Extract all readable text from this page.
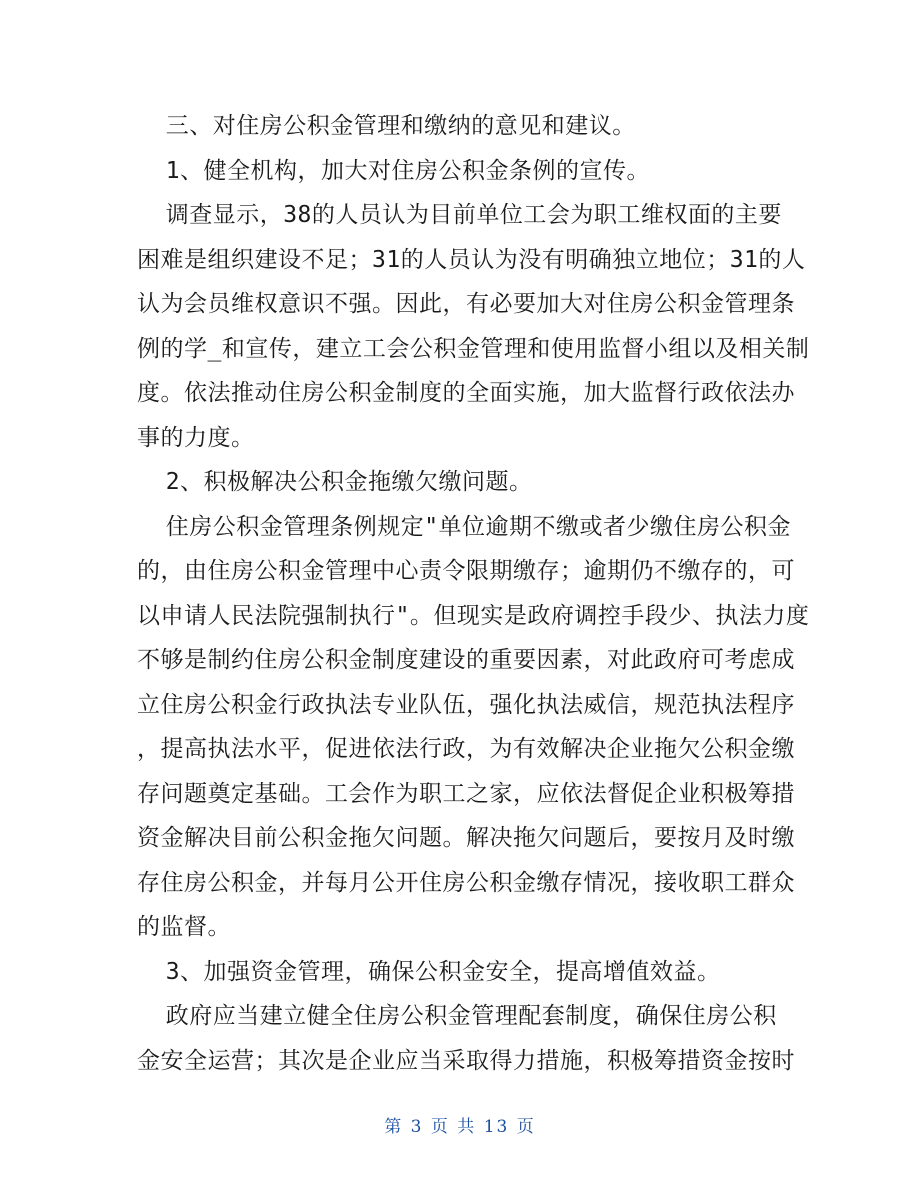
三、对住房公积金管理和缴纳的意见和建议。

1、健全机构，加大对住房公积金条例的宣传。

调查显示，38的人员认为目前单位工会为职工维权面的主要

困难是组织建设不足；31的人员认为没有明确独立地位；31的人

认为会员维权意识不强。因此，有必要加大对住房公积金管理条

例的学_和宣传，建立工会公积金管理和使用监督小组以及相关制

度。依法推动住房公积金制度的全面实施，加大监督行政依法办

事的力度。

2、积极解决公积金拖缴欠缴问题。

住房公积金管理条例规定"单位逾期不缴或者少缴住房公积金

的，由住房公积金管理中心责令限期缴存；逾期仍不缴存的，可

以申请人民法院强制执行"。但现实是政府调控手段少、执法力度

不够是制约住房公积金制度建设的重要因素，对此政府可考虑成

立住房公积金行政执法专业队伍，强化执法威信，规范执法程序

，提高执法水平，促进依法行政，为有效解决企业拖欠公积金缴

存问题奠定基础。工会作为职工之家，应依法督促企业积极筹措

资金解决目前公积金拖欠问题。解决拖欠问题后，要按月及时缴

存住房公积金，并每月公开住房公积金缴存情况，接收职工群众

的监督。

3、加强资金管理，确保公积金安全，提高增值效益。

政府应当建立健全住房公积金管理配套制度，确保住房公积

金安全运营；其次是企业应当采取得力措施，积极筹措资金按时

第 3 页 共 13 页
